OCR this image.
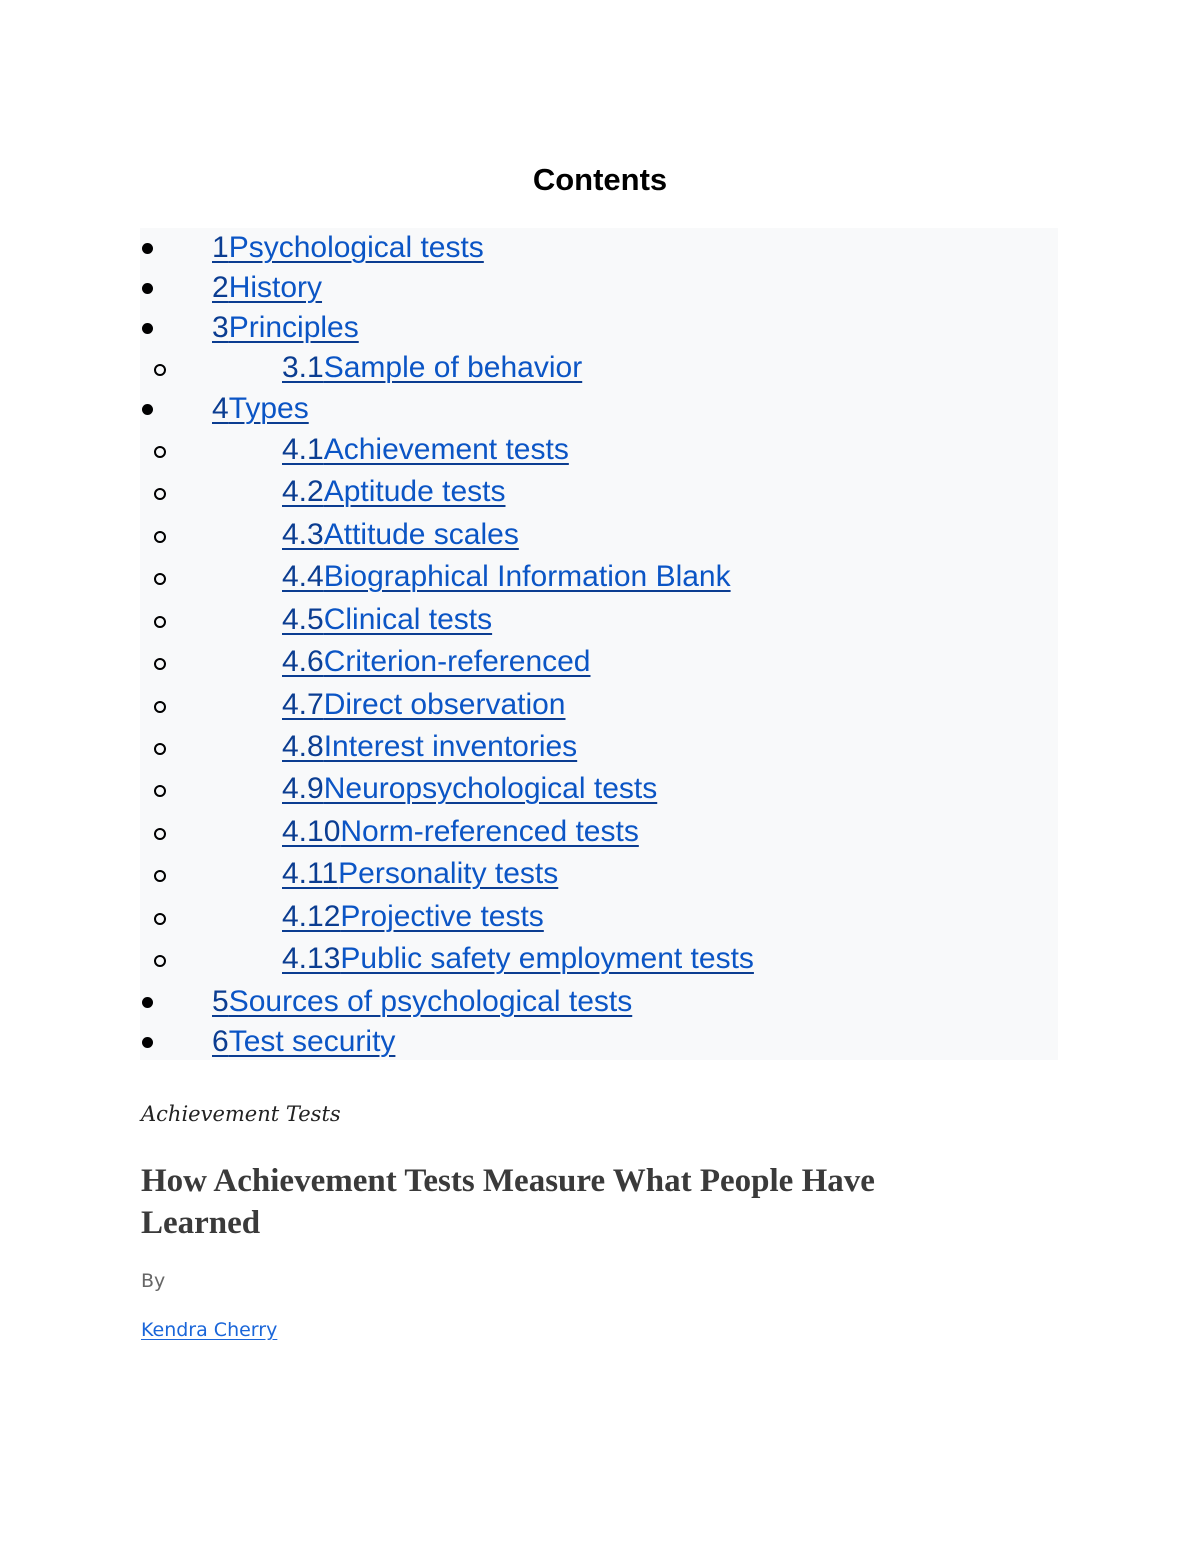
Contents
1Psychological tests
2History
3Principles
3.1Sample of behavior
4Types
4.1Achievement tests
4.2Aptitude tests
4.3Attitude scales
4.4Biographical Information Blank
4.5Clinical tests
4.6Criterion-referenced
4.7Direct observation
4.8Interest inventories
4.9Neuropsychological tests
4.10Norm-referenced tests
4.11Personality tests
4.12Projective tests
4.13Public safety employment tests
5Sources of psychological tests
6Test security

Achievement Tests

How Achievement Tests Measure What People Have Learned

By

Kendra Cherry
